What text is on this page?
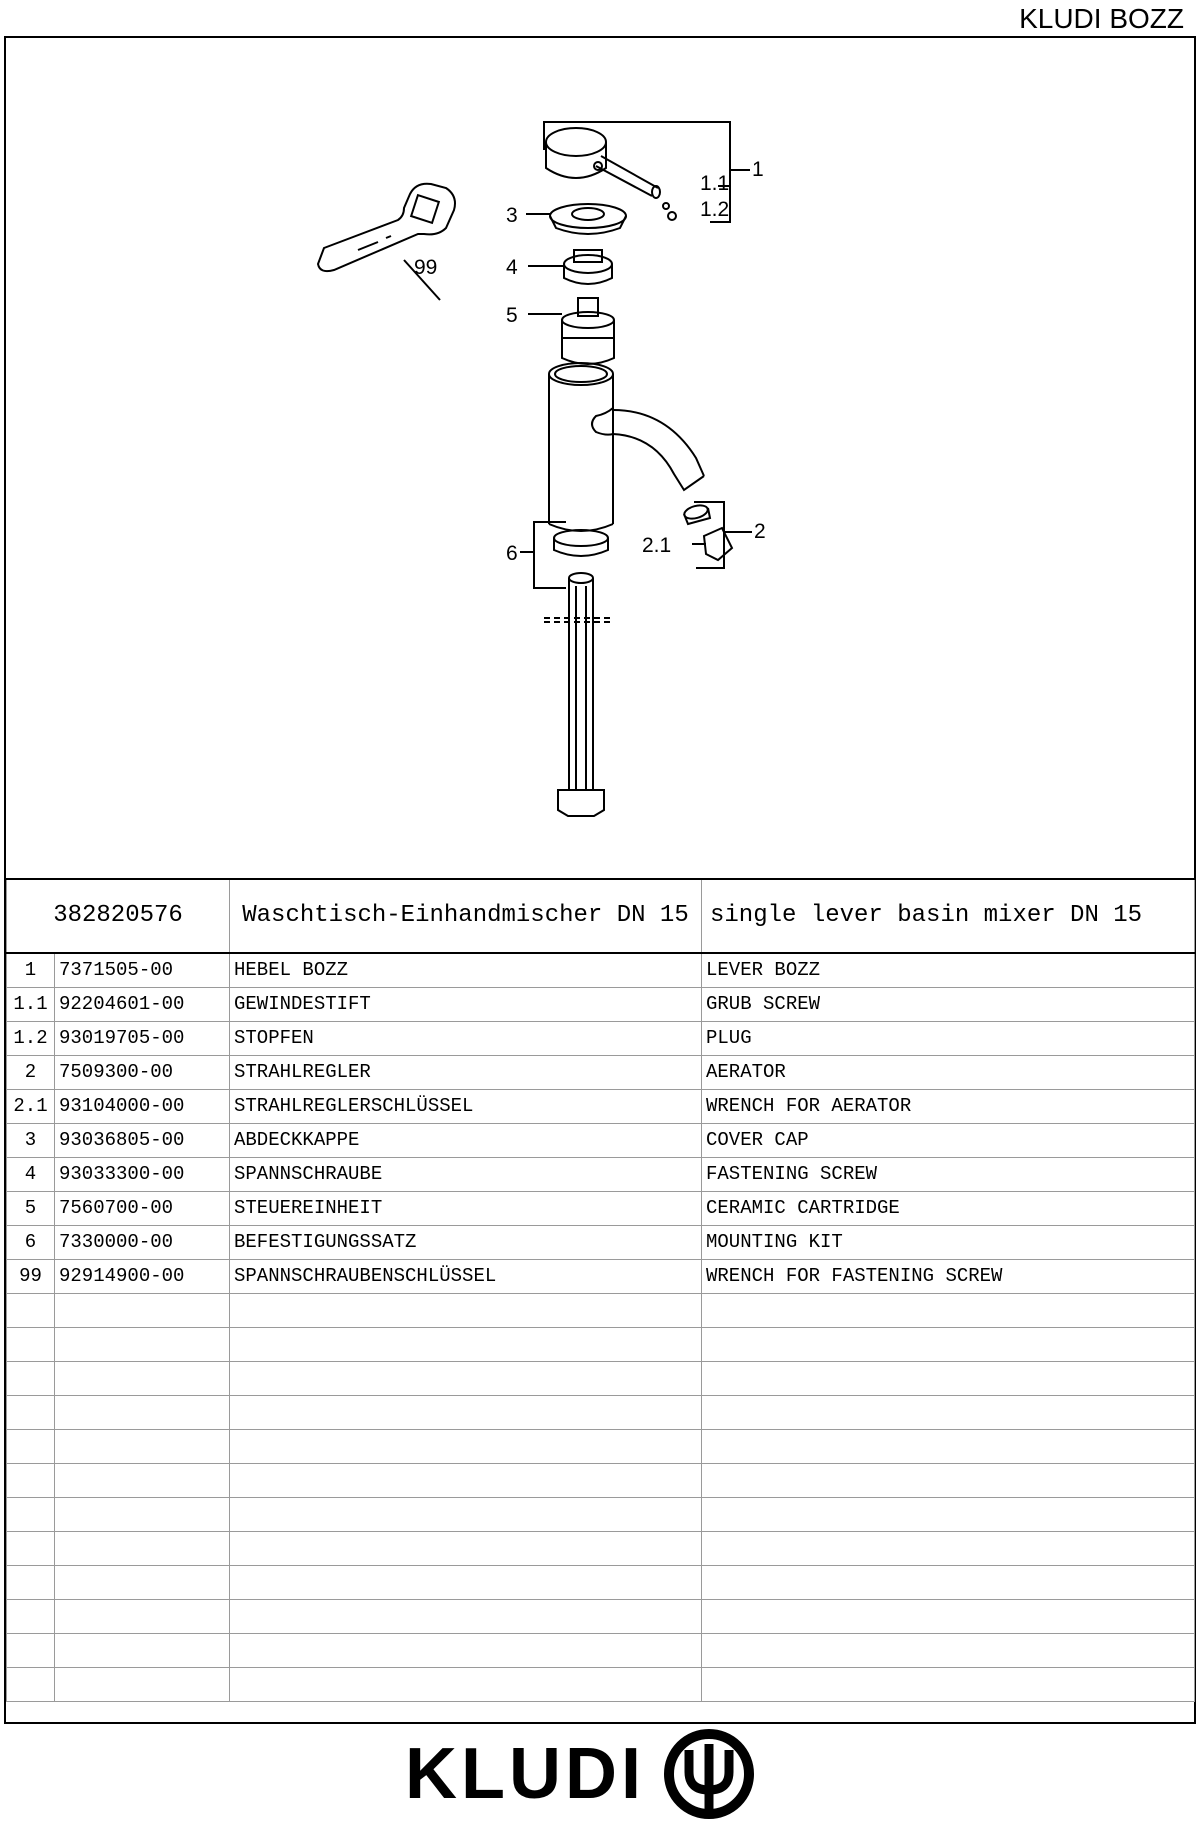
KLUDI BOZZ
1
1.1
1.2
2
2.1
3
4
5
6
99
382820576		Waschtisch-Einhandmischer DN 15	single lever basin mixer DN 15
1	7371505-00	HEBEL BOZZ	LEVER BOZZ
1.1	92204601-00	GEWINDESTIFT	GRUB SCREW
1.2	93019705-00	STOPFEN	PLUG
2	7509300-00	STRAHLREGLER	AERATOR
2.1	93104000-00	STRAHLREGLERSCHLÜSSEL	WRENCH FOR AERATOR
3	93036805-00	ABDECKKAPPE	COVER CAP
4	93033300-00	SPANNSCHRAUBE	FASTENING SCREW
5	7560700-00	STEUEREINHEIT	CERAMIC CARTRIDGE
6	7330000-00	BEFESTIGUNGSSATZ	MOUNTING KIT
99	92914900-00	SPANNSCHRAUBENSCHLÜSSEL	WRENCH FOR FASTENING SCREW

KLUDI
